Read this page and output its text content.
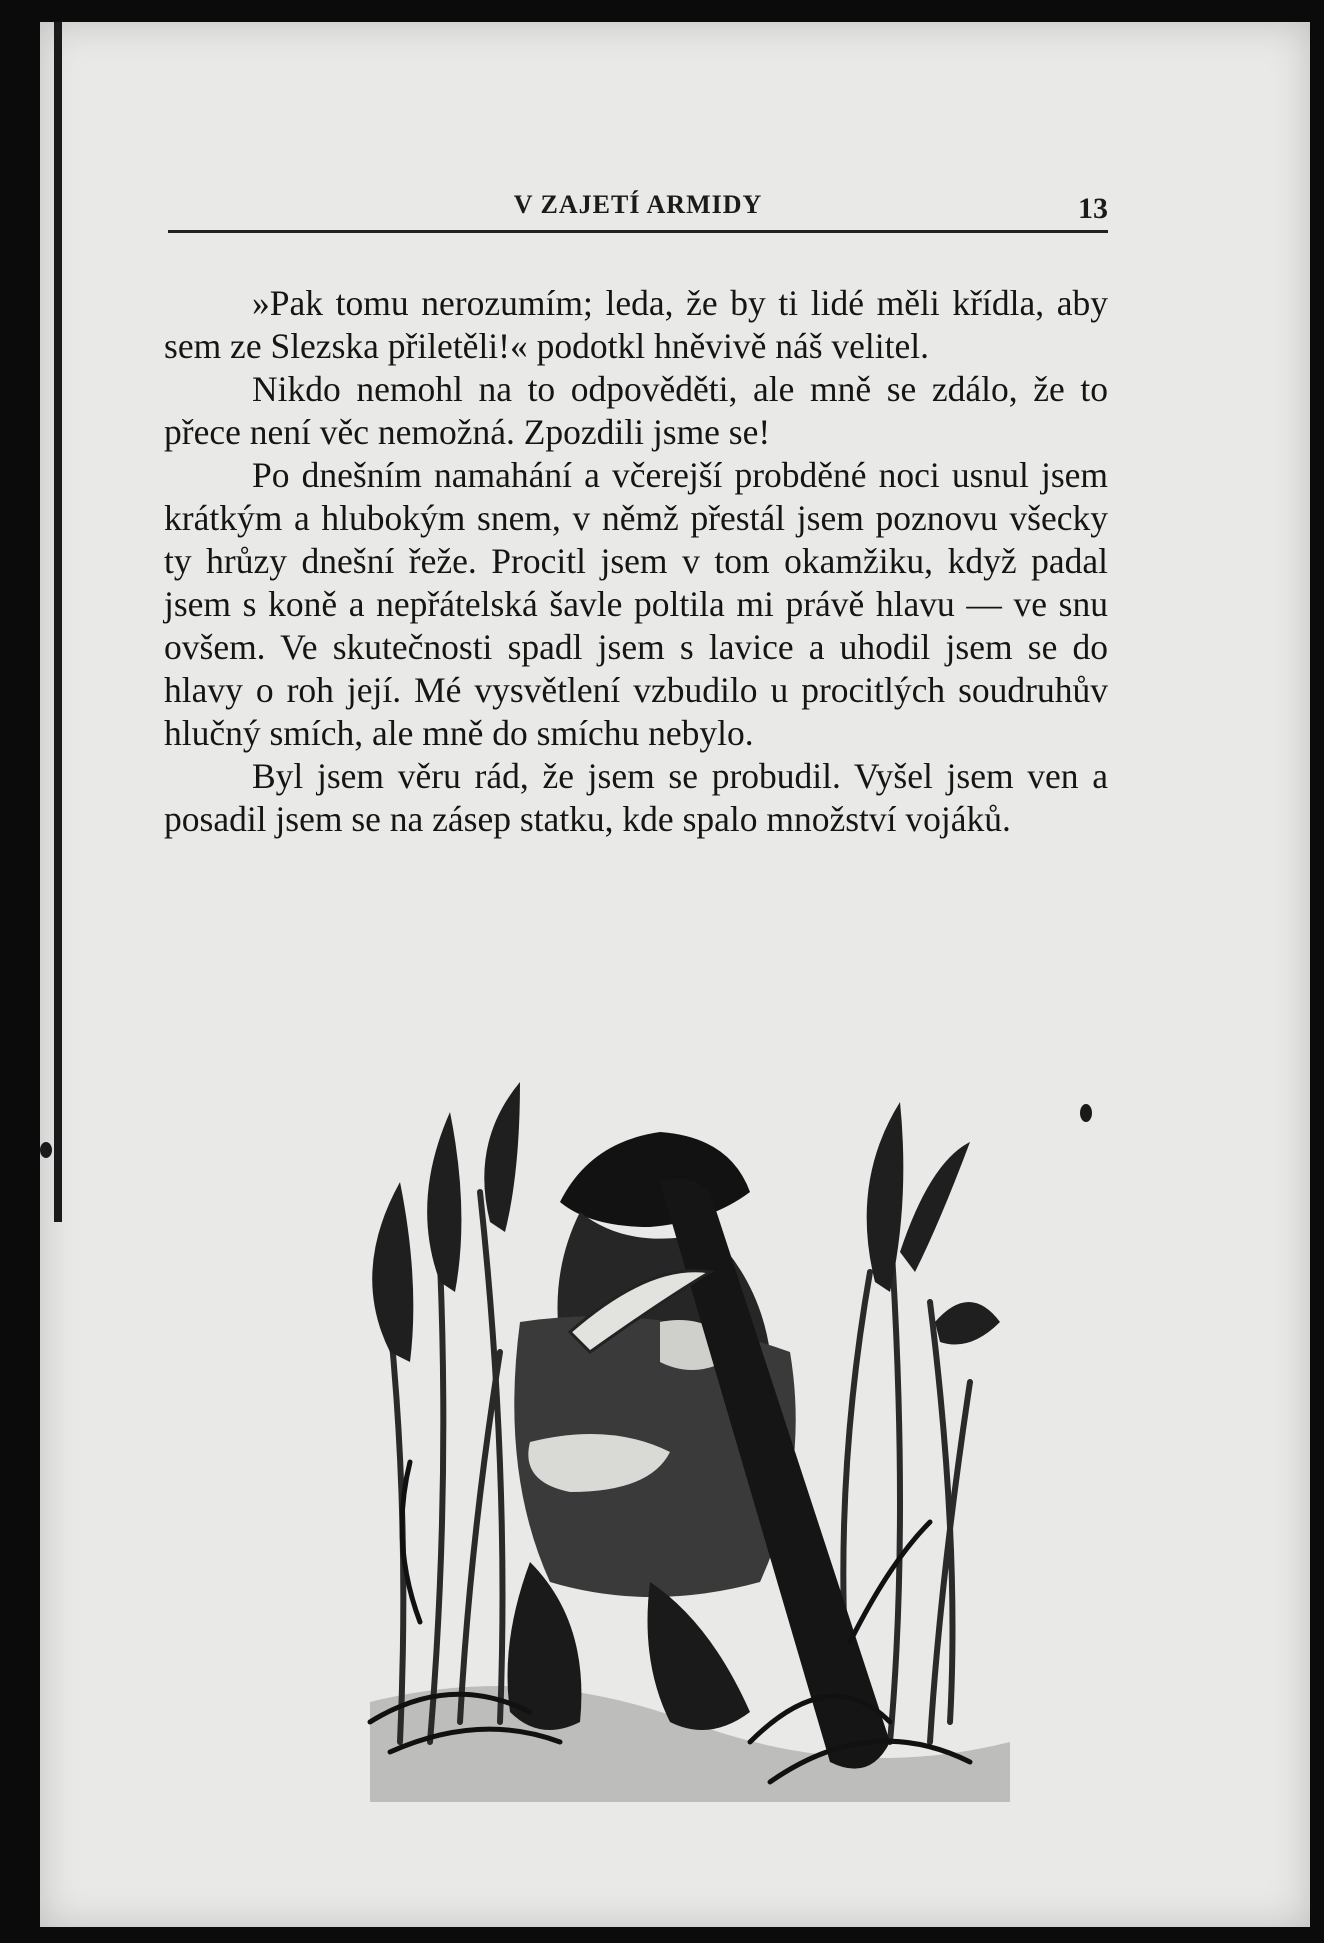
V ZAJETÍ ARMIDY	13

»Pak tomu nerozumím; leda, že by ti lidé měli křídla, aby sem ze Slezska přiletěli!« podotkl hněvivě náš velitel.

Nikdo nemohl na to odpověděti, ale mně se zdálo, že to přece není věc nemožná. Zpozdili jsme se!

Po dnešním namahání a včerejší probděné noci usnul jsem krátkým a hlubokým snem, v němž přestál jsem poznovu všecky ty hrůzy dnešní řeže. Procitl jsem v tom okamžiku, když padal jsem s koně a nepřátelská šavle poltila mi právě hlavu — ve snu ovšem. Ve skutečnosti spadl jsem s lavice a uhodil jsem se do hlavy o roh její. Mé vysvětlení vzbudilo u procitlých soudruhův hlučný smích, ale mně do smíchu nebylo.

Byl jsem věru rád, že jsem se probudil. Vyšel jsem ven a posadil jsem se na zásep statku, kde spalo množství vojáků.
